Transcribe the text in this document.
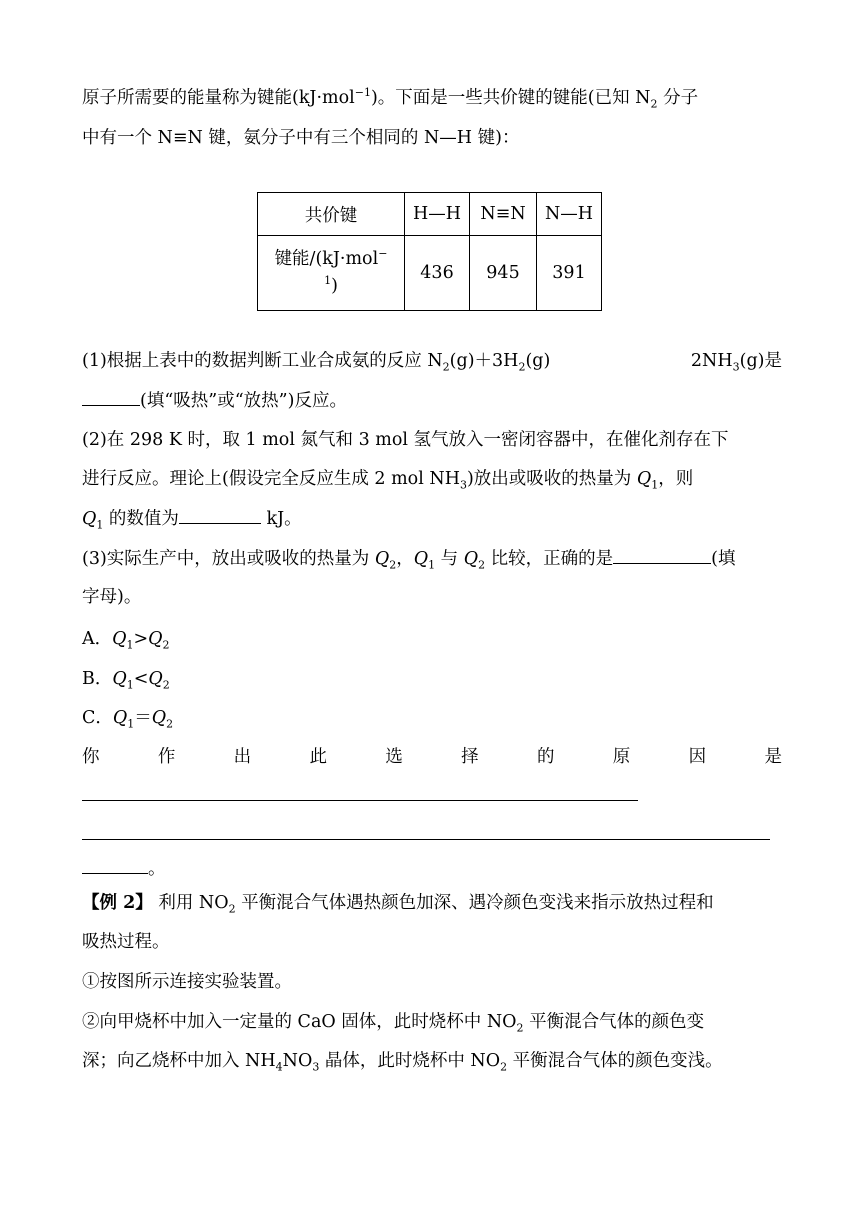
原子所需要的能量称为键能(kJ·mol$^{-1}$)。下面是一些共价键的键能(已知 $N_2$ 分子
中有一个 N≡N 键，氨分子中有三个相同的 N—H 键)：
共价键	H—H	N≡N	N—H
键能/(kJ·mol−
$^1$)	436	945	391
(1)根据上表中的数据判断工业合成氨的反应 $N_2(g)+3H_2(g)$	$2NH_3(g)$是
(填“吸热”或“放热”)反应。
(2)在 298 K 时，取 1 mol 氮气和 3 mol 氢气放入一密闭容器中，在催化剂存在下
进行反应。理论上(假设完全反应生成 2 mol $NH_3$)放出或吸收的热量为 $Q_1$，则
$Q_1$ 的数值为	kJ。
(3)实际生产中，放出或吸收的热量为 $Q_2$，$Q_1$ 与 $Q_2$ 比较，正确的是	(填
字母)。
A．$Q_1>Q_2$
B．$Q_1<Q_2$
C．$Q_1=Q_2$
你	作	出	此	选	择	的	原	因	是
。
【例 2】 利用 $NO_2$ 平衡混合气体遇热颜色加深、遇冷颜色变浅来指示放热过程和
吸热过程。
①按图所示连接实验装置。
②向甲烧杯中加入一定量的 CaO 固体，此时烧杯中 $NO_2$ 平衡混合气体的颜色变
深；向乙烧杯中加入 $NH_4NO_3$ 晶体，此时烧杯中 $NO_2$ 平衡混合气体的颜色变浅。
